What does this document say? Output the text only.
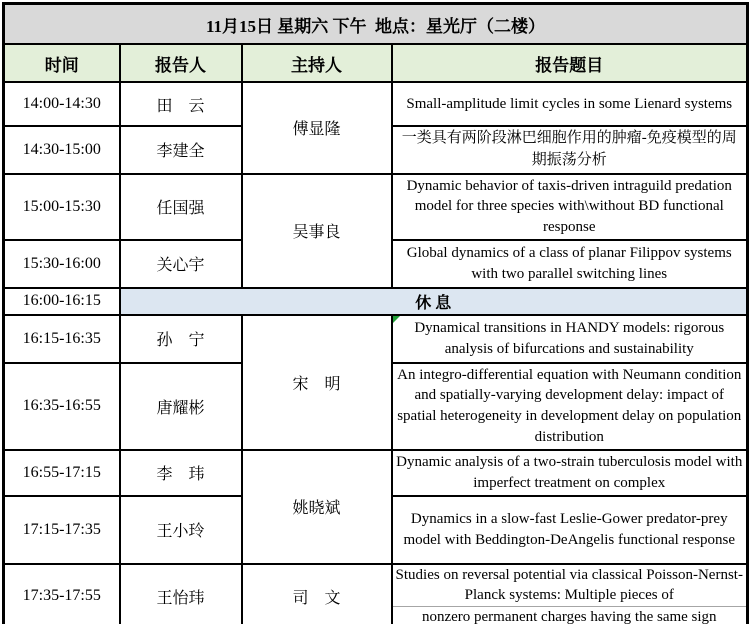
11月15日 星期六 下午  地点：星光厅（二楼）			
时间	报告人	主持人	报告题目
14:00-14:30	田　云	傅显隆	Small-amplitude limit cycles in some Lienard systems
14:30-15:00	李建全		一类具有两阶段淋巴细胞作用的肿瘤-免疫模型的周期振荡分析
15:00-15:30	任国强	吴事良	Dynamic behavior of taxis-driven intraguild predation model for three species with\without BD functional response
15:30-16:00	关心宇		Global dynamics of a class of planar Filippov systems with two parallel switching lines
16:00-16:15	休 息		
16:15-16:35	孙　宁	宋　明	Dynamical transitions in HANDY models: rigorous analysis of bifurcations and sustainability
16:35-16:55	唐耀彬		An integro-differential equation with Neumann condition and spatially-varying development delay: impact of spatial heterogeneity in development delay on population distribution
16:55-17:15	李　玮	姚晓斌	Dynamic analysis of a two-strain tuberculosis model with imperfect treatment on complex
17:15-17:35	王小玲		Dynamics in a slow-fast Leslie-Gower predator-prey model with Beddington-DeAngelis functional response
17:35-17:55	王怡玮	司　文	Studies on reversal potential via classical Poisson-Nernst-Planck systems: Multiple pieces of
nonzero permanent charges having the same sign
